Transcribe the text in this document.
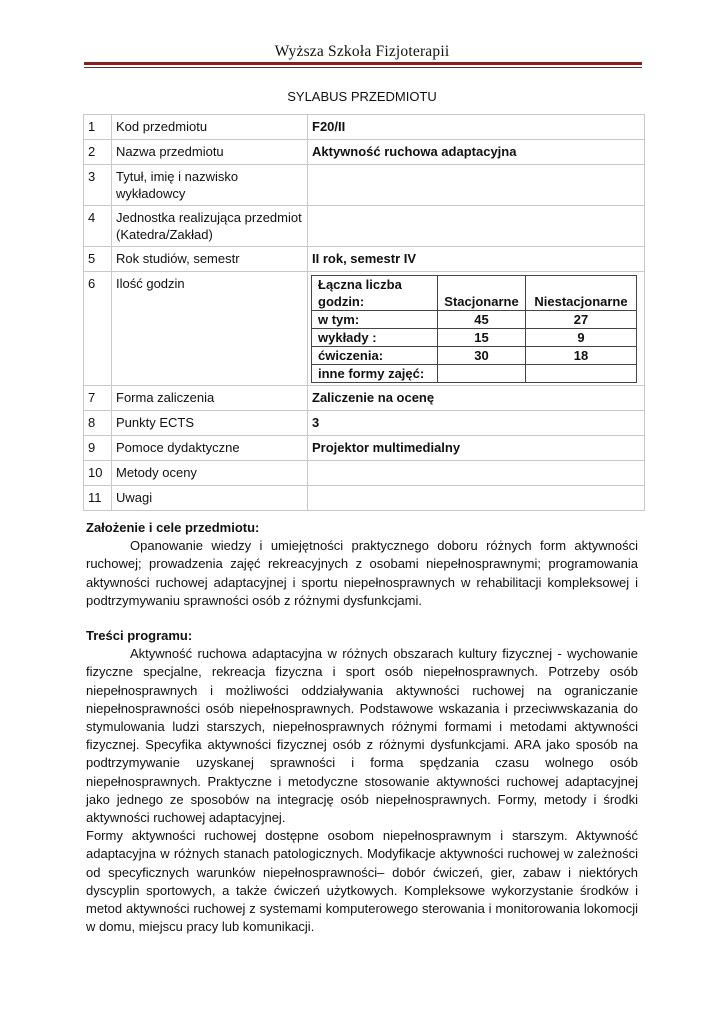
Wyższa Szkoła Fizjoterapii
SYLABUS PRZEDMIOTU
1	Kod przedmiotu	F20/II
2	Nazwa przedmiotu	Aktywność ruchowa adaptacyjna
3	Tytuł, imię i nazwisko wykładowcy	
4	Jednostka realizująca przedmiot (Katedra/Zakład)	
5	Rok studiów, semestr	II rok, semestr IV
6	Ilość godzin		Łączna liczba godzin:	Stacjonarne	Niestacjonarne
w tym:	45	27
wykłady :	15	9
ćwiczenia:	30	18
inne formy zajęć:		

7	Forma zaliczenia	Zaliczenie na ocenę
8	Punkty ECTS	3
9	Pomoce dydaktyczne	Projektor multimedialny
10	Metody oceny	
11	Uwagi	
Założenie i cele przedmiotu:

Opanowanie wiedzy i umiejętności praktycznego doboru różnych form aktywności ruchowej; prowadzenia zajęć rekreacyjnych z osobami niepełnosprawnymi; programowania aktywności ruchowej adaptacyjnej i sportu niepełnosprawnych w rehabilitacji kompleksowej i podtrzymywaniu sprawności osób z różnymi dysfunkcjami.

Treści programu:

Aktywność ruchowa adaptacyjna w różnych obszarach kultury fizycznej - wychowanie fizyczne specjalne, rekreacja fizyczna i sport osób niepełnosprawnych. Potrzeby osób niepełnosprawnych i możliwości oddziaływania aktywności ruchowej na ograniczanie niepełnosprawności osób niepełnosprawnych. Podstawowe wskazania i przeciwwskazania do stymulowania ludzi starszych, niepełnosprawnych różnymi formami i metodami aktywności fizycznej. Specyfika aktywności fizycznej osób z różnymi dysfunkcjami. ARA jako sposób na podtrzymywanie uzyskanej sprawności i forma spędzania czasu wolnego osób niepełnosprawnych. Praktyczne i metodyczne stosowanie aktywności ruchowej adaptacyjnej jako jednego ze sposobów na integrację osób niepełnosprawnych. Formy, metody i środki aktywności ruchowej adaptacyjnej.

Formy aktywności ruchowej dostępne osobom niepełnosprawnym i starszym. Aktywność adaptacyjna w różnych stanach patologicznych. Modyfikacje aktywności ruchowej w zależności od specyficznych warunków niepełnosprawności– dobór ćwiczeń, gier, zabaw i niektórych dyscyplin sportowych, a także ćwiczeń użytkowych. Kompleksowe wykorzystanie środków i metod aktywności ruchowej z systemami komputerowego sterowania i monitorowania lokomocji w domu, miejscu pracy lub komunikacji.
